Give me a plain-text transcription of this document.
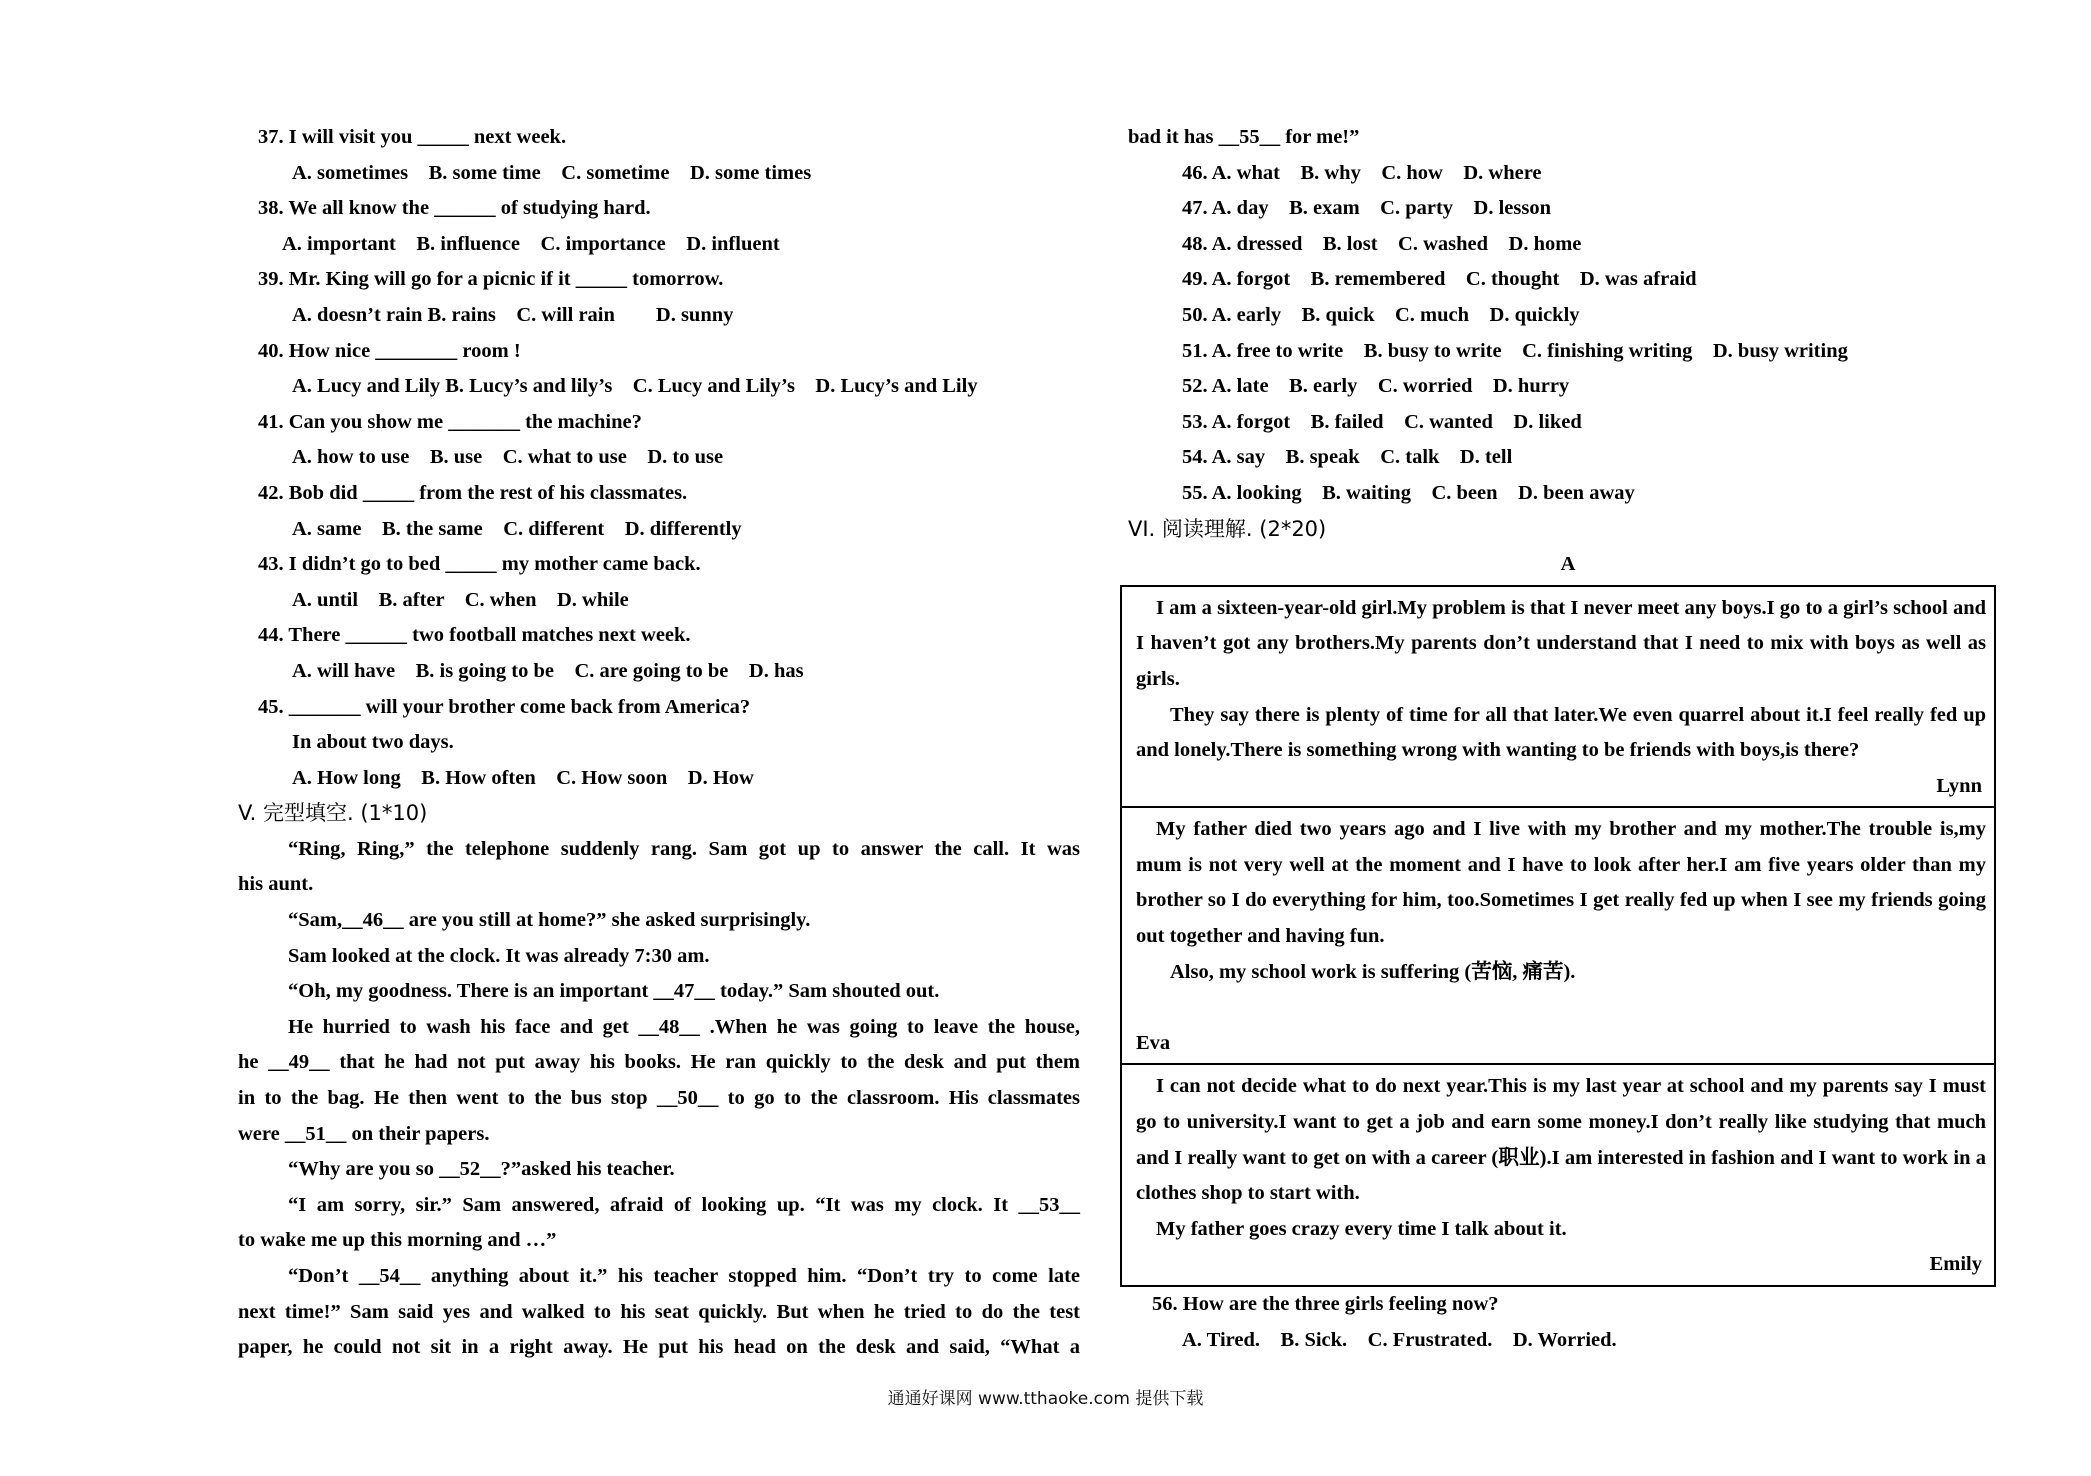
37. I will visit you _____ next week.
A. sometimes    B. some time    C. sometime    D. some times
38. We all know the ______ of studying hard.
A. important    B. influence    C. importance    D. influent
39. Mr. King will go for a picnic if it _____ tomorrow.
A. doesn’t rain B. rains    C. will rain        D. sunny
40. How nice ________ room !
A. Lucy and Lily B. Lucy’s and lily’s    C. Lucy and Lily’s    D. Lucy’s and Lily
41. Can you show me _______ the machine?
A. how to use    B. use    C. what to use    D. to use
42. Bob did _____ from the rest of his classmates.
A. same    B. the same    C. different    D. differently
43. I didn’t go to bed _____ my mother came back.
A. until    B. after    C. when    D. while
44. There ______ two football matches next week.
A. will have    B. is going to be    C. are going to be    D. has
45. _______ will your brother come back from America?
In about two days.
A. How long    B. How often    C. How soon    D. How
V. 完型填空. (1*10)
“Ring, Ring,” the telephone suddenly rang. Sam got up to answer the call. It was
his aunt.
“Sam,__46__ are you still at home?” she asked surprisingly.
Sam looked at the clock. It was already 7:30 am.
“Oh, my goodness. There is an important __47__ today.” Sam shouted out.
He hurried to wash his face and get __48__ .When he was going to leave the house,
he __49__ that he had not put away his books. He ran quickly to the desk and put them
in to the bag. He then went to the bus stop __50__ to go to the classroom. His classmates
were __51__ on their papers.
“Why are you so __52__?”asked his teacher.
“I am sorry, sir.” Sam answered, afraid of looking up. “It was my clock. It __53__
to wake me up this morning and …”
“Don’t __54__ anything about it.” his teacher stopped him. “Don’t try to come late
next time!” Sam said yes and walked to his seat quickly. But when he tried to do the test
paper, he could not sit in a right away. He put his head on the desk and said, “What a
bad it has __55__ for me!”
46. A. what    B. why    C. how    D. where
47. A. day    B. exam    C. party    D. lesson
48. A. dressed    B. lost    C. washed    D. home
49. A. forgot    B. remembered    C. thought    D. was afraid
50. A. early    B. quick    C. much    D. quickly
51. A. free to write    B. busy to write    C. finishing writing    D. busy writing
52. A. late    B. early    C. worried    D. hurry
53. A. forgot    B. failed    C. wanted    D. liked
54. A. say    B. speak    C. talk    D. tell
55. A. looking    B. waiting    C. been    D. been away
VI. 阅读理解. (2*20)
A
I am a sixteen-year-old girl.My problem is that I never meet any boys.I go to a girl’s school and I haven’t got any brothers.My parents don’t understand that I need to mix with boys as well as girls.
They say there is plenty of time for all that later.We even quarrel about it.I feel really fed up and lonely.There is something wrong with wanting to be friends with boys,is there?
Lynn
My father died two years ago and I live with my brother and my mother.The trouble is,my mum is not very well at the moment and I have to look after her.I am five years older than my brother so I do everything for him, too.Sometimes I get really fed up when I see my friends going out together and having fun.
Also, my school work is suffering (苦恼, 痛苦).
Eva
I can not decide what to do next year.This is my last year at school and my parents say I must go to university.I want to get a job and earn some money.I don’t really like studying that much and I really want to get on with a career (职业).I am interested in fashion and I want to work in a clothes shop to start with.
My father goes crazy every time I talk about it.
Emily
56. How are the three girls feeling now?
A. Tired.    B. Sick.    C. Frustrated.    D. Worried.
通通好课网 www.tthaoke.com 提供下载
